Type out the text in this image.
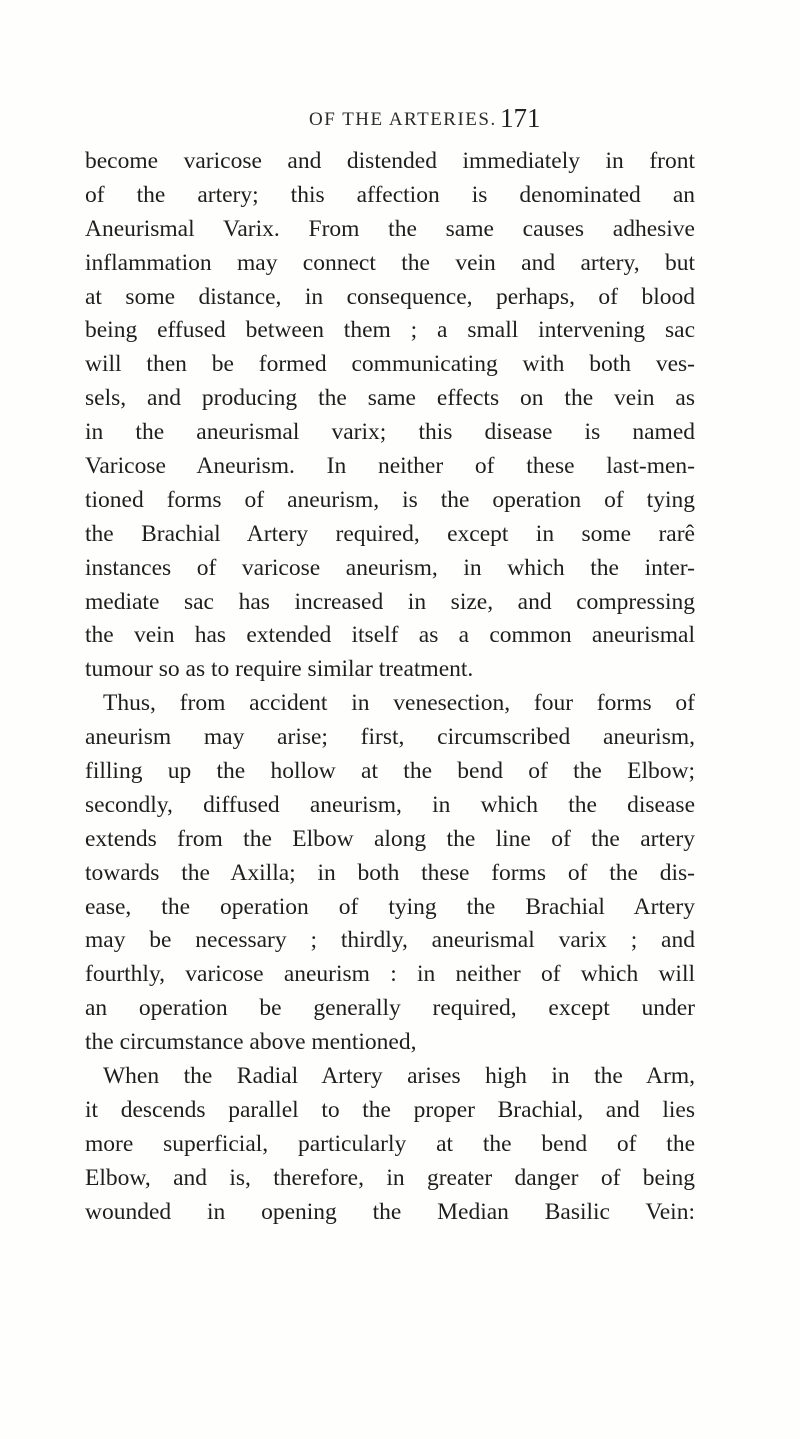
OF THE ARTERIES. 171
become varicose and distended immediately in front
of the artery; this affection is denominated an
Aneurismal Varix. From the same causes adhesive
inflammation may connect the vein and artery, but
at some distance, in consequence, perhaps, of blood
being effused between them ; a small intervening sac
will then be formed communicating with both ves-
sels, and producing the same effects on the vein as
in the aneurismal varix; this disease is named
Varicose Aneurism. In neither of these last-men-
tioned forms of aneurism, is the operation of tying
the Brachial Artery required, except in some rarê
instances of varicose aneurism, in which the inter-
mediate sac has increased in size, and compressing
the vein has extended itself as a common aneurismal
tumour so as to require similar treatment.
Thus, from accident in venesection, four forms of
aneurism may arise; first, circumscribed aneurism,
filling up the hollow at the bend of the Elbow;
secondly, diffused aneurism, in which the disease
extends from the Elbow along the line of the artery
towards the Axilla; in both these forms of the dis-
ease, the operation of tying the Brachial Artery
may be necessary ; thirdly, aneurismal varix ; and
fourthly, varicose aneurism : in neither of which will
an operation be generally required, except under
the circumstance above mentioned,
When the Radial Artery arises high in the Arm,
it descends parallel to the proper Brachial, and lies
more superficial, particularly at the bend of the
Elbow, and is, therefore, in greater danger of being
wounded in opening the Median Basilic Vein:
